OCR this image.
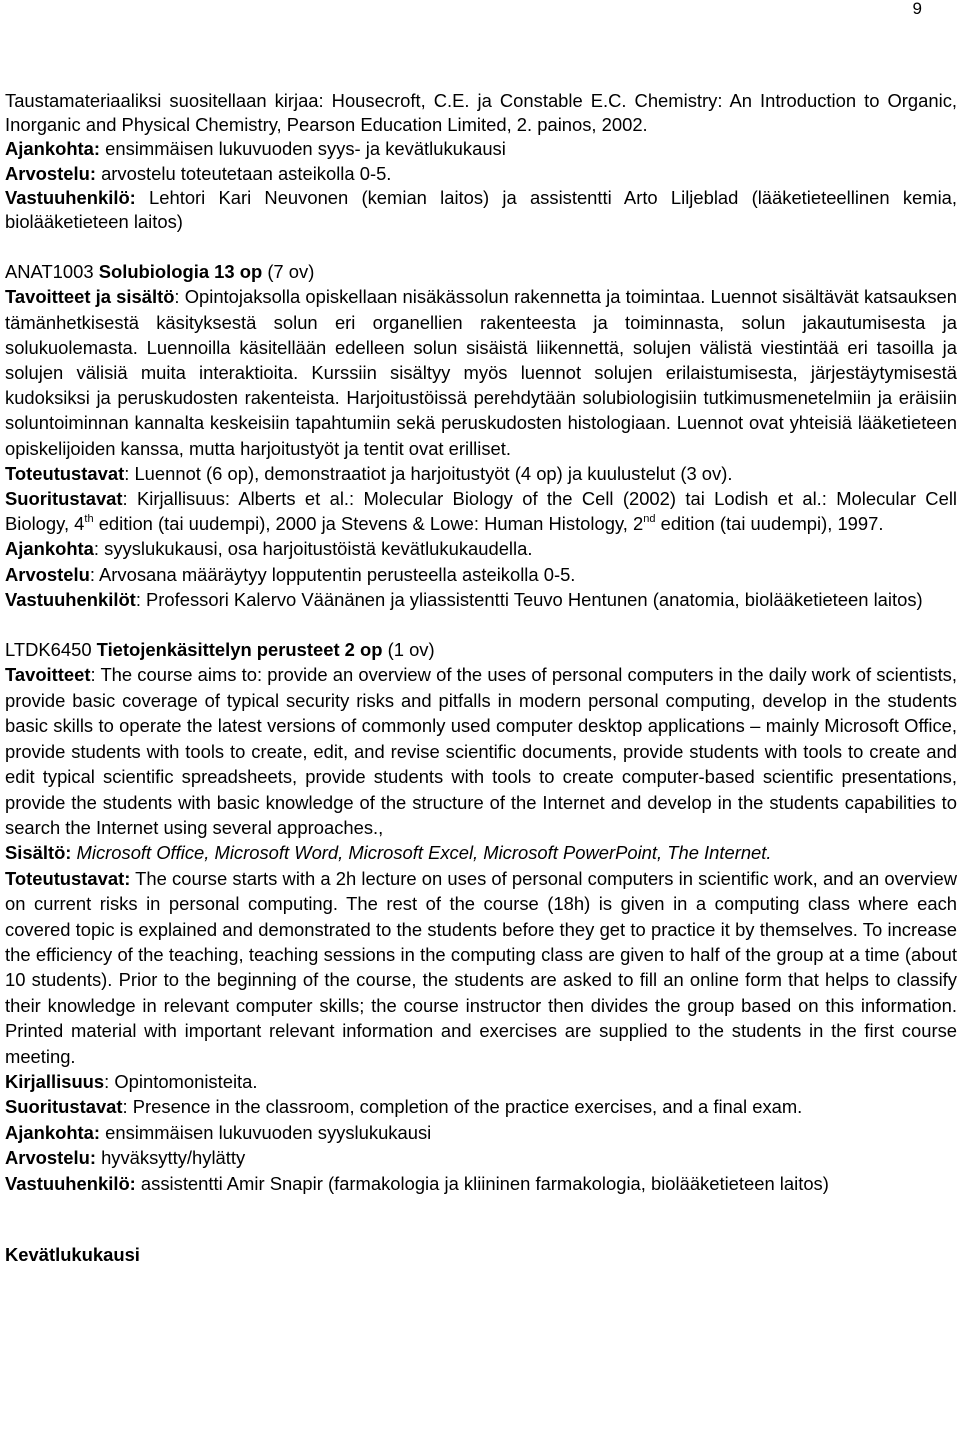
9

Taustamateriaaliksi suositellaan kirjaa: Housecroft, C.E. ja Constable E.C. Chemistry: An Introduction to Organic, Inorganic and Physical Chemistry, Pearson Education Limited, 2. painos, 2002.

Ajankohta: ensimmäisen lukuvuoden syys- ja kevätlukukausi

Arvostelu: arvostelu toteutetaan asteikolla 0-5.

Vastuuhenkilö: Lehtori Kari Neuvonen (kemian laitos) ja assistentti Arto Liljeblad (lääketieteellinen kemia, biolääketieteen laitos)

ANAT1003 Solubiologia 13 op (7 ov)

Tavoitteet ja sisältö: Opintojaksolla opiskellaan nisäkässolun rakennetta ja toimintaa. Luennot sisältävät katsauksen tämänhetkisestä käsityksestä solun eri organellien rakenteesta ja toiminnasta, solun jakautumisesta ja solukuolemasta. Luennoilla käsitellään edelleen solun sisäistä liikennettä, solujen välistä viestintää eri tasoilla ja solujen välisiä muita interaktioita. Kurssiin sisältyy myös luennot solujen erilaistumisesta, järjestäytymisestä kudoksiksi ja peruskudosten rakenteista. Harjoitustöissä perehdytään solubiologisiin tutkimusmenetelmiin ja eräisiin soluntoiminnan kannalta keskeisiin tapahtumiin sekä peruskudosten histologiaan. Luennot ovat yhteisiä lääketieteen opiskelijoiden kanssa, mutta harjoitustyöt ja tentit ovat erilliset.

Toteutustavat: Luennot (6 op), demonstraatiot ja harjoitustyöt (4 op) ja kuulustelut (3 ov).

Suoritustavat: Kirjallisuus: Alberts et al.: Molecular Biology of the Cell (2002) tai Lodish et al.: Molecular Cell Biology, 4th edition (tai uudempi), 2000 ja Stevens & Lowe: Human Histology, 2nd edition (tai uudempi), 1997.

Ajankohta: syyslukukausi, osa harjoitustöistä kevätlukukaudella.

Arvostelu: Arvosana määräytyy lopputentin perusteella asteikolla 0-5.

Vastuuhenkilöt: Professori Kalervo Väänänen ja yliassistentti Teuvo Hentunen (anatomia, biolääketieteen laitos)

LTDK6450 Tietojenkäsittelyn perusteet 2 op (1 ov)

Tavoitteet: The course aims to: provide an overview of the uses of personal computers in the daily work of scientists, provide basic coverage of typical security risks and pitfalls in modern personal computing, develop in the students basic skills to operate the latest versions of commonly used computer desktop applications – mainly Microsoft Office, provide students with tools to create, edit, and revise scientific documents, provide students with tools to create and edit typical scientific spreadsheets, provide students with tools to create computer-based scientific presentations, provide the students with basic knowledge of the structure of the Internet and develop in the students capabilities to search the Internet using several approaches.,

Sisältö: Microsoft Office, Microsoft Word, Microsoft Excel, Microsoft PowerPoint, The Internet.

Toteutustavat: The course starts with a 2h lecture on uses of personal computers in scientific work, and an overview on current risks in personal computing. The rest of the course (18h) is given in a computing class where each covered topic is explained and demonstrated to the students before they get to practice it by themselves. To increase the efficiency of the teaching, teaching sessions in the computing class are given to half of the group at a time (about 10 students). Prior to the beginning of the course, the students are asked to fill an online form that helps to classify their knowledge in relevant computer skills; the course instructor then divides the group based on this information. Printed material with important relevant information and exercises are supplied to the students in the first course meeting.

Kirjallisuus: Opintomonisteita.

Suoritustavat: Presence in the classroom, completion of the practice exercises, and a final exam.

Ajankohta: ensimmäisen lukuvuoden syyslukukausi

Arvostelu: hyväksytty/hylätty

Vastuuhenkilö: assistentti Amir Snapir (farmakologia ja kliininen farmakologia, biolääketieteen laitos)

Kevätlukukausi
